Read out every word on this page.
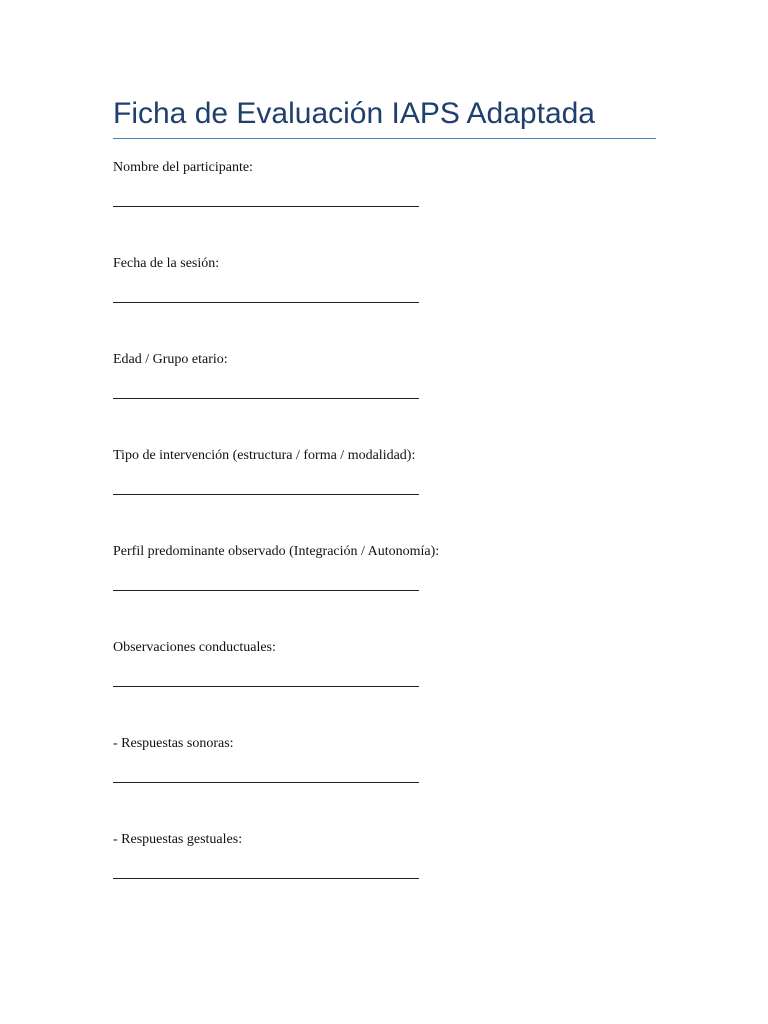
Ficha de Evaluación IAPS Adaptada
Nombre del participante:
Fecha de la sesión:
Edad / Grupo etario:
Tipo de intervención (estructura / forma / modalidad):
Perfil predominante observado (Integración / Autonomía):
Observaciones conductuales:
- Respuestas sonoras:
- Respuestas gestuales:
